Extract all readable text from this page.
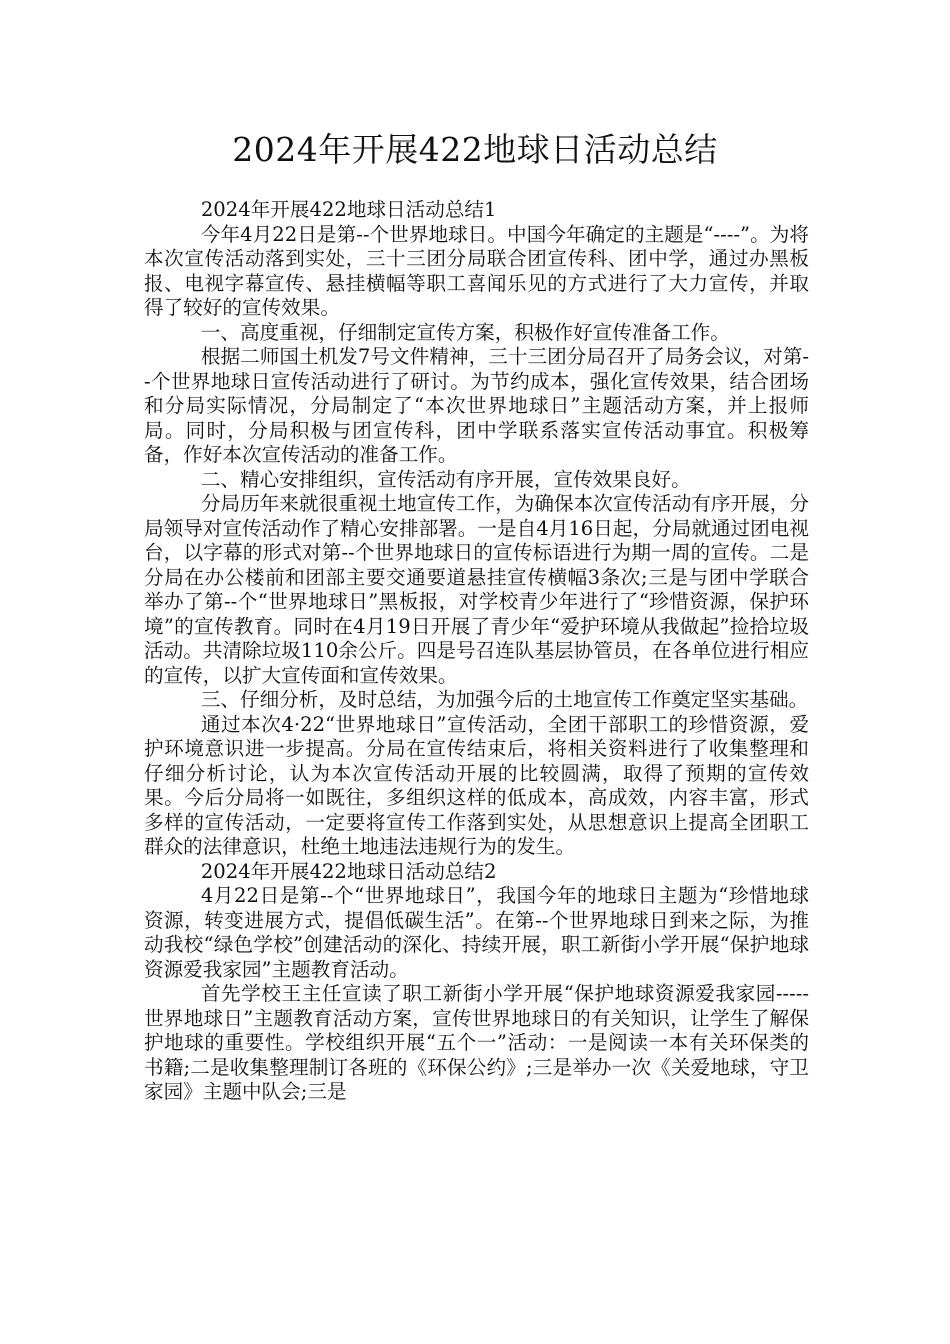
2024年开展422地球日活动总结

2024年开展422地球日活动总结1

今年4月22日是第--个世界地球日。中国今年确定的主题是“----”。为将本次宣传活动落到实处，三十三团分局联合团宣传科、团中学，通过办黑板报、电视字幕宣传、悬挂横幅等职工喜闻乐见的方式进行了大力宣传，并取得了较好的宣传效果。

一、高度重视，仔细制定宣传方案，积极作好宣传准备工作。

根据二师国土机发7号文件精神，三十三团分局召开了局务会议，对第--个世界地球日宣传活动进行了研讨。为节约成本，强化宣传效果，结合团场和分局实际情况，分局制定了“本次世界地球日”主题活动方案，并上报师局。同时，分局积极与团宣传科，团中学联系落实宣传活动事宜。积极筹备，作好本次宣传活动的准备工作。

二、精心安排组织，宣传活动有序开展，宣传效果良好。

分局历年来就很重视土地宣传工作，为确保本次宣传活动有序开展，分局领导对宣传活动作了精心安排部署。一是自4月16日起，分局就通过团电视台，以字幕的形式对第--个世界地球日的宣传标语进行为期一周的宣传。二是分局在办公楼前和团部主要交通要道悬挂宣传横幅3条次;三是与团中学联合举办了第--个“世界地球日”黑板报，对学校青少年进行了“珍惜资源，保护环境”的宣传教育。同时在4月19日开展了青少年“爱护环境从我做起”捡拾垃圾活动。共清除垃圾110余公斤。四是号召连队基层协管员，在各单位进行相应的宣传，以扩大宣传面和宣传效果。

三、仔细分析，及时总结，为加强今后的土地宣传工作奠定坚实基础。

通过本次4·22“世界地球日”宣传活动，全团干部职工的珍惜资源，爱护环境意识进一步提高。分局在宣传结束后，将相关资料进行了收集整理和仔细分析讨论，认为本次宣传活动开展的比较圆满，取得了预期的宣传效果。今后分局将一如既往，多组织这样的低成本，高成效，内容丰富，形式多样的宣传活动，一定要将宣传工作落到实处，从思想意识上提高全团职工群众的法律意识，杜绝土地违法违规行为的发生。

2024年开展422地球日活动总结2

4月22日是第--个“世界地球日”，我国今年的地球日主题为“珍惜地球资源，转变进展方式，提倡低碳生活”。在第--个世界地球日到来之际，为推动我校“绿色学校”创建活动的深化、持续开展，职工新街小学开展“保护地球资源爱我家园”主题教育活动。

首先学校王主任宣读了职工新街小学开展“保护地球资源爱我家园-----世界地球日”主题教育活动方案，宣传世界地球日的有关知识，让学生了解保护地球的重要性。学校组织开展“五个一”活动：一是阅读一本有关环保类的书籍;二是收集整理制订各班的《环保公约》;三是举办一次《关爱地球，守卫家园》主题中队会;三是
